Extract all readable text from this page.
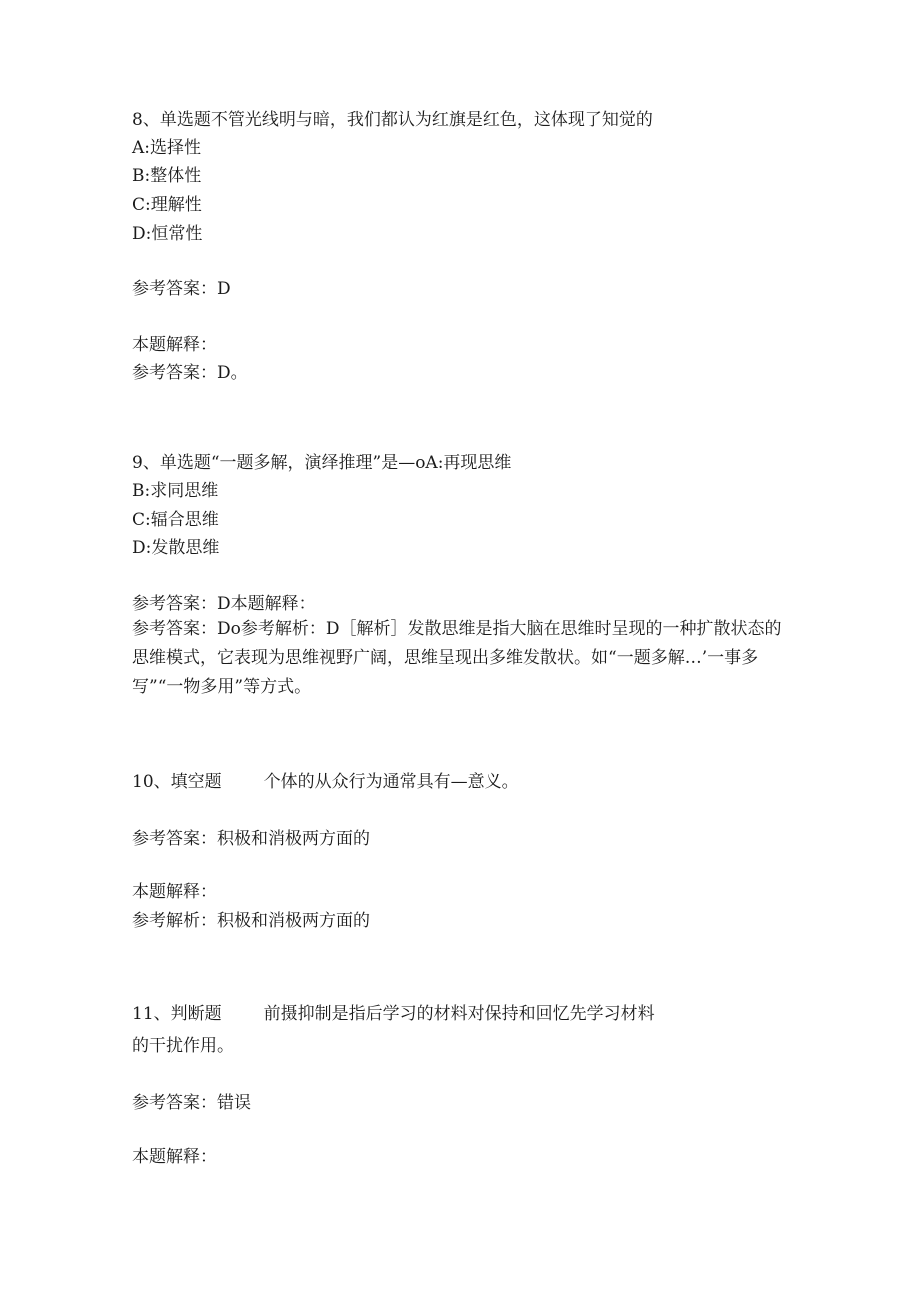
8、单选题不管光线明与暗，我们都认为红旗是红色，这体现了知觉的
A:选择性
B:整体性
C:理解性
D:恒常性
参考答案：D
本题解释：
参考答案：D。
9、单选题“一题多解，演绎推理”是—oA:再现思维
B:求同思维
C:辐合思维
D:发散思维
参考答案：D本题解释：
参考答案：Do参考解析：D［解析］发散思维是指大脑在思维时呈现的一种扩散状态的思维模式，它表现为思维视野广阔，思维呈现出多维发散状。如“一题多解…’一事多写”“一物多用”等方式。
10、填空题 个体的从众行为通常具有—意义。
参考答案：积极和消极两方面的
本题解释：
参考解析：积极和消极两方面的
11、判断题 前摄抑制是指后学习的材料对保持和回忆先学习材料
的干扰作用。
参考答案：错误
本题解释：
